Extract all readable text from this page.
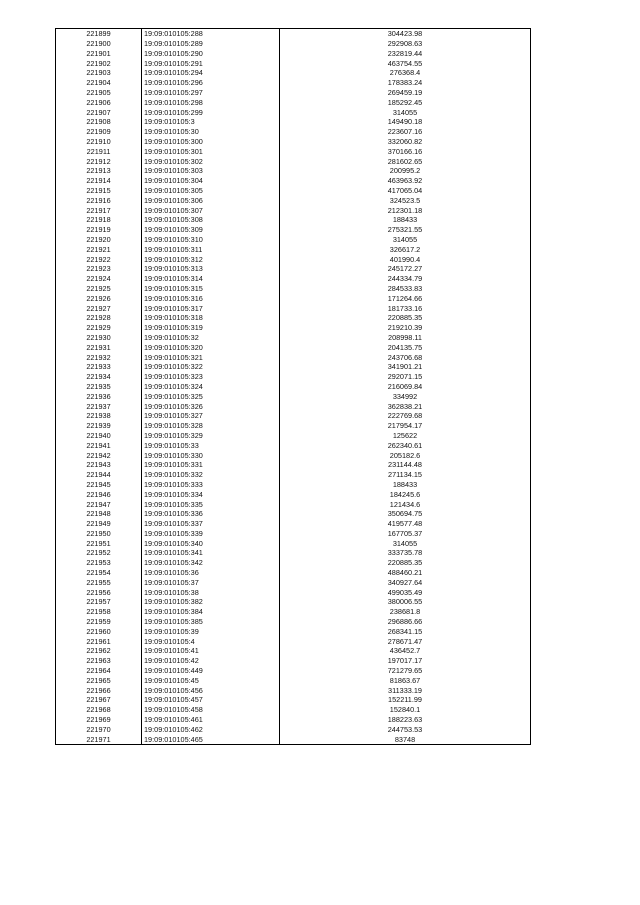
221899	19:09:010105:288	304423.98
221900	19:09:010105:289	292908.63
221901	19:09:010105:290	232819.44
221902	19:09:010105:291	463754.55
221903	19:09:010105:294	276368.4
221904	19:09:010105:296	178383.24
221905	19:09:010105:297	269459.19
221906	19:09:010105:298	185292.45
221907	19:09:010105:299	314055
221908	19:09:010105:3	149490.18
221909	19:09:010105:30	223607.16
221910	19:09:010105:300	332060.82
221911	19:09:010105:301	370166.16
221912	19:09:010105:302	281602.65
221913	19:09:010105:303	200995.2
221914	19:09:010105:304	463963.92
221915	19:09:010105:305	417065.04
221916	19:09:010105:306	324523.5
221917	19:09:010105:307	212301.18
221918	19:09:010105:308	188433
221919	19:09:010105:309	275321.55
221920	19:09:010105:310	314055
221921	19:09:010105:311	326617.2
221922	19:09:010105:312	401990.4
221923	19:09:010105:313	245172.27
221924	19:09:010105:314	244334.79
221925	19:09:010105:315	284533.83
221926	19:09:010105:316	171264.66
221927	19:09:010105:317	181733.16
221928	19:09:010105:318	220885.35
221929	19:09:010105:319	219210.39
221930	19:09:010105:32	208998.11
221931	19:09:010105:320	204135.75
221932	19:09:010105:321	243706.68
221933	19:09:010105:322	341901.21
221934	19:09:010105:323	292071.15
221935	19:09:010105:324	216069.84
221936	19:09:010105:325	334992
221937	19:09:010105:326	362838.21
221938	19:09:010105:327	222769.68
221939	19:09:010105:328	217954.17
221940	19:09:010105:329	125622
221941	19:09:010105:33	262340.61
221942	19:09:010105:330	205182.6
221943	19:09:010105:331	231144.48
221944	19:09:010105:332	271134.15
221945	19:09:010105:333	188433
221946	19:09:010105:334	184245.6
221947	19:09:010105:335	121434.6
221948	19:09:010105:336	350694.75
221949	19:09:010105:337	419577.48
221950	19:09:010105:339	167705.37
221951	19:09:010105:340	314055
221952	19:09:010105:341	333735.78
221953	19:09:010105:342	220885.35
221954	19:09:010105:36	488460.21
221955	19:09:010105:37	340927.64
221956	19:09:010105:38	499035.49
221957	19:09:010105:382	380006.55
221958	19:09:010105:384	238681.8
221959	19:09:010105:385	296886.66
221960	19:09:010105:39	268341.15
221961	19:09:010105:4	278671.47
221962	19:09:010105:41	436452.7
221963	19:09:010105:42	197017.17
221964	19:09:010105:449	721279.65
221965	19:09:010105:45	81863.67
221966	19:09:010105:456	311333.19
221967	19:09:010105:457	152211.99
221968	19:09:010105:458	152840.1
221969	19:09:010105:461	188223.63
221970	19:09:010105:462	244753.53
221971	19:09:010105:465	83748
